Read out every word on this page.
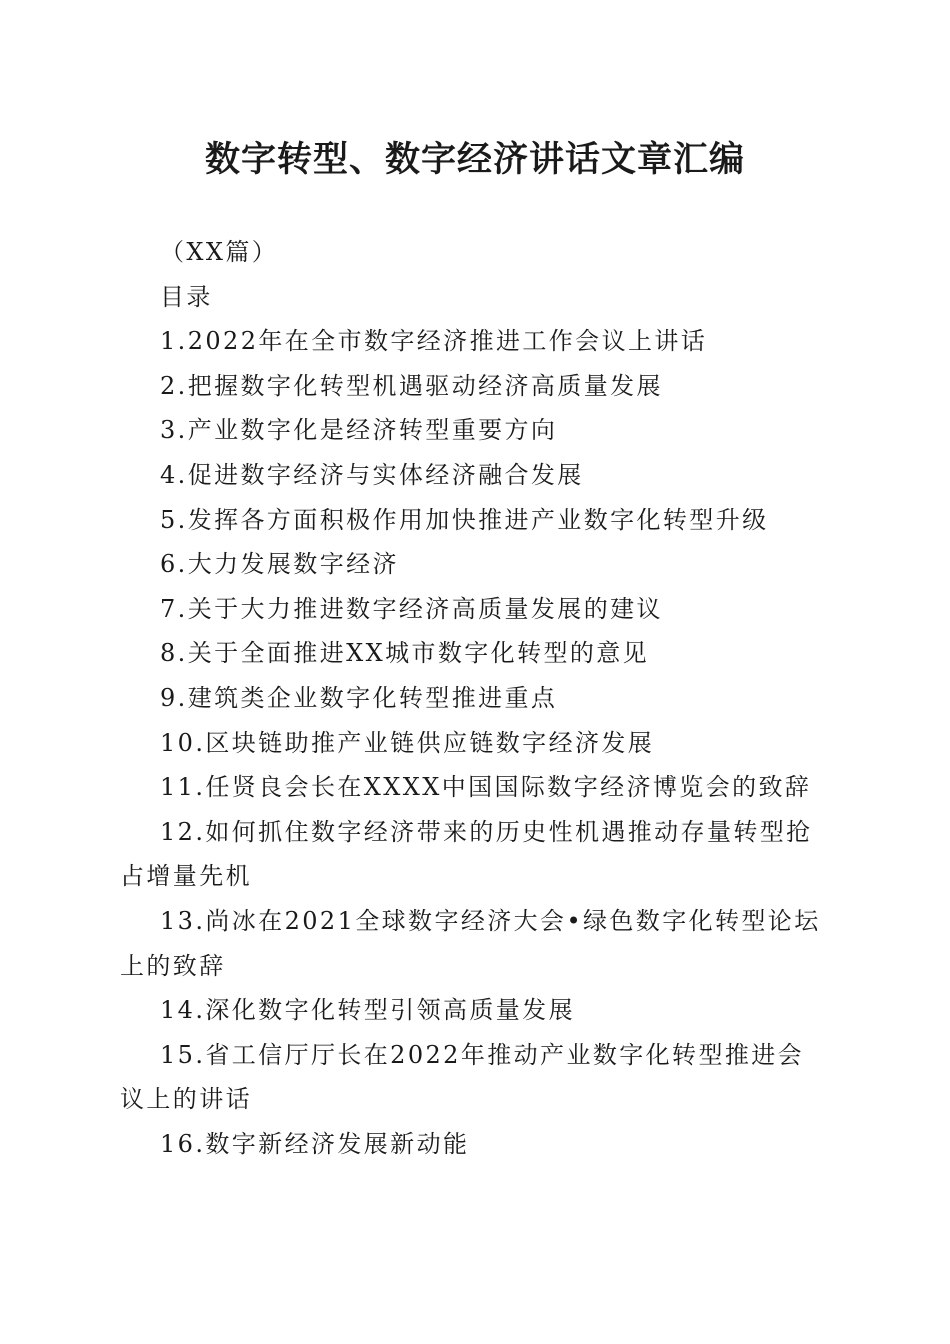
数字转型、数字经济讲话文章汇编

（XX篇）

目录

1.2022年在全市数字经济推进工作会议上讲话
2.把握数字化转型机遇驱动经济高质量发展
3.产业数字化是经济转型重要方向
4.促进数字经济与实体经济融合发展
5.发挥各方面积极作用加快推进产业数字化转型升级
6.大力发展数字经济
7.关于大力推进数字经济高质量发展的建议
8.关于全面推进XX城市数字化转型的意见
9.建筑类企业数字化转型推进重点
10.区块链助推产业链供应链数字经济发展
11.任贤良会长在XXXX中国国际数字经济博览会的致辞
12.如何抓住数字经济带来的历史性机遇推动存量转型抢占增量先机
13.尚冰在2021全球数字经济大会•绿色数字化转型论坛上的致辞
14.深化数字化转型引领高质量发展
15.省工信厅厅长在2022年推动产业数字化转型推进会议上的讲话
16.数字新经济发展新动能
